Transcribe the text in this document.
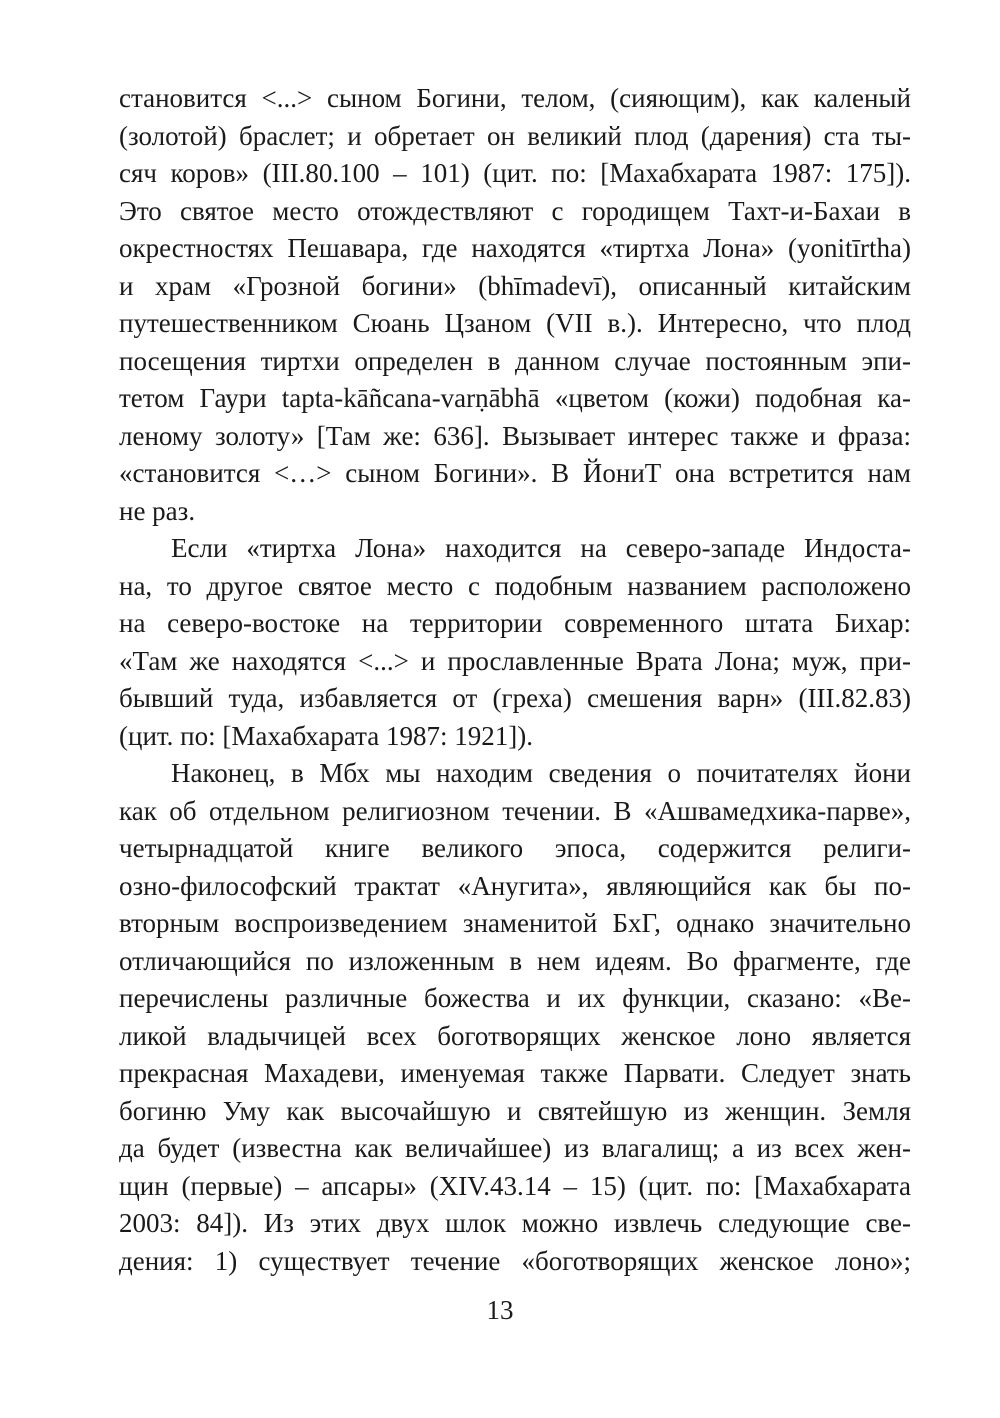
становится <...> сыном Богини, телом, (сияющим), как каленый
(золотой) браслет; и обретает он великий плод (дарения) ста ты-
сяч коров» (III.80.100 – 101) (цит. по: [Махабхарата 1987: 175]).
Это святое место отождествляют с городищем Тахт-и-Бахаи в
окрестностях Пешавара, где находятся «тиртха Лона» (yonitīrtha)
и храм «Грозной богини» (bhīmadevī), описанный китайским
путешественником Сюань Цзаном (VII в.). Интересно, что плод
посещения тиртхи определен в данном случае постоянным эпи-
тетом Гаури tapta-kāñcana-varṇābhā «цветом (кожи) подобная ка-
леному золоту» [Там же: 636]. Вызывает интерес также и фраза:
«становится <…> сыном Богини». В ЙониТ она встретится нам
не раз.
Если «тиртха Лона» находится на северо-западе Индоста-
на, то другое святое место с подобным названием расположено
на северо-востоке на территории современного штата Бихар:
«Там же находятся <...> и прославленные Врата Лона; муж, при-
бывший туда, избавляется от (греха) смешения варн» (III.82.83)
(цит. по: [Махабхарата 1987: 1921]).
Наконец, в Мбх мы находим сведения о почитателях йони
как об отдельном религиозном течении. В «Ашвамедхика-парве»,
четырнадцатой книге великого эпоса, содержится религи-
озно-философский трактат «Анугита», являющийся как бы по-
вторным воспроизведением знаменитой БхГ, однако значительно
отличающийся по изложенным в нем идеям. Во фрагменте, где
перечислены различные божества и их функции, сказано: «Ве-
ликой владычицей всех боготворящих женское лоно является
прекрасная Махадеви, именуемая также Парвати. Следует знать
богиню Уму как высочайшую и святейшую из женщин. Земля
да будет (известна как величайшее) из влагалищ; а из всех жен-
щин (первые) – апсары» (XIV.43.14 – 15) (цит. по: [Махабхарата
2003: 84]). Из этих двух шлок можно извлечь следующие све-
дения: 1) существует течение «боготворящих женское лоно»;
13
